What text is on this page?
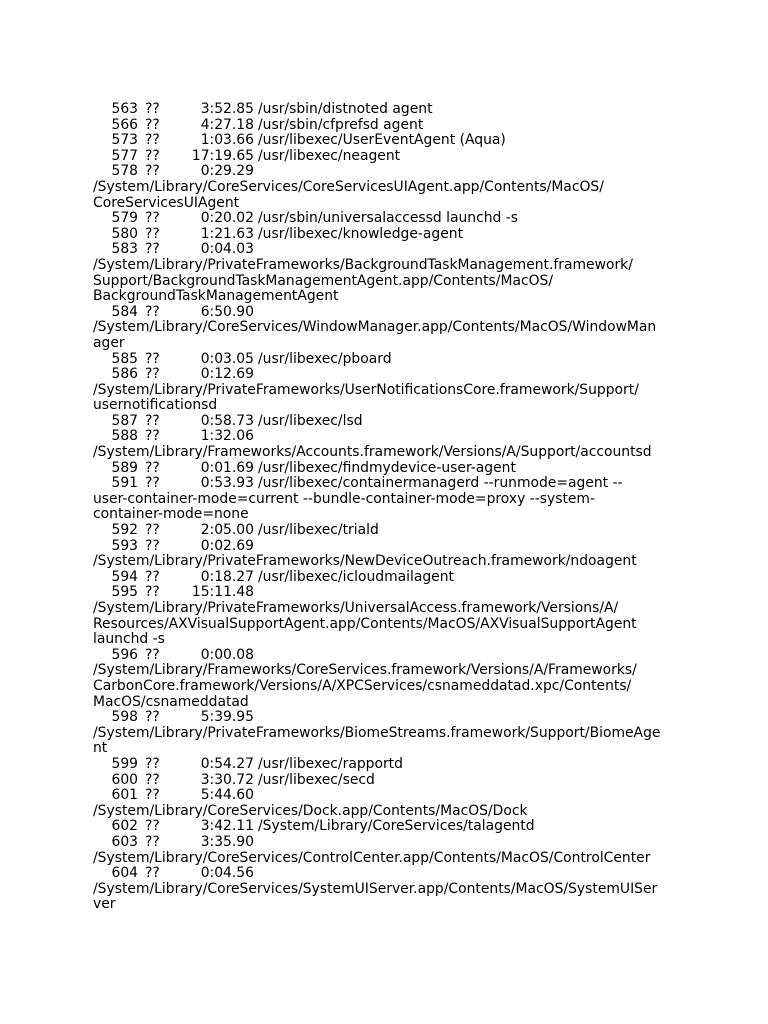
563 ??	3:52.85 /usr/sbin/distnoted agent
566 ??	4:27.18 /usr/sbin/cfprefsd agent
573 ??	1:03.66 /usr/libexec/UserEventAgent (Aqua)
577 ?? 17:19.65 /usr/libexec/neagent
578 ??	0:29.29
/System/Library/CoreServices/CoreServicesUIAgent.app/Contents/MacOS/
CoreServicesUIAgent
579 ??	0:20.02 /usr/sbin/universalaccessd launchd -s
580 ??	1:21.63 /usr/libexec/knowledge-agent
583 ??	0:04.03
/System/Library/PrivateFrameworks/BackgroundTaskManagement.framework/
Support/BackgroundTaskManagementAgent.app/Contents/MacOS/
BackgroundTaskManagementAgent
584 ??	6:50.90
/System/Library/CoreServices/WindowManager.app/Contents/MacOS/WindowMan
ager
585 ??	0:03.05 /usr/libexec/pboard
586 ??	0:12.69
/System/Library/PrivateFrameworks/UserNotificationsCore.framework/Support/
usernotificationsd
587 ??	0:58.73 /usr/libexec/lsd
588 ??	1:32.06
/System/Library/Frameworks/Accounts.framework/Versions/A/Support/accountsd
589 ??	0:01.69 /usr/libexec/findmydevice-user-agent
591 ??	0:53.93 /usr/libexec/containermanagerd --runmode=agent --
user-container-mode=current --bundle-container-mode=proxy --system-
container-mode=none
592 ??	2:05.00 /usr/libexec/triald
593 ??	0:02.69
/System/Library/PrivateFrameworks/NewDeviceOutreach.framework/ndoagent
594 ??	0:18.27 /usr/libexec/icloudmailagent
595 ?? 15:11.48
/System/Library/PrivateFrameworks/UniversalAccess.framework/Versions/A/
Resources/AXVisualSupportAgent.app/Contents/MacOS/AXVisualSupportAgent
launchd -s
596 ??	0:00.08
/System/Library/Frameworks/CoreServices.framework/Versions/A/Frameworks/
CarbonCore.framework/Versions/A/XPCServices/csnameddatad.xpc/Contents/
MacOS/csnameddatad
598 ??	5:39.95
/System/Library/PrivateFrameworks/BiomeStreams.framework/Support/BiomeAge
nt
599 ??	0:54.27 /usr/libexec/rapportd
600 ??	3:30.72 /usr/libexec/secd
601 ??	5:44.60
/System/Library/CoreServices/Dock.app/Contents/MacOS/Dock
602 ??	3:42.11 /System/Library/CoreServices/talagentd
603 ??	3:35.90
/System/Library/CoreServices/ControlCenter.app/Contents/MacOS/ControlCenter
604 ??	0:04.56
/System/Library/CoreServices/SystemUIServer.app/Contents/MacOS/SystemUISer
ver
